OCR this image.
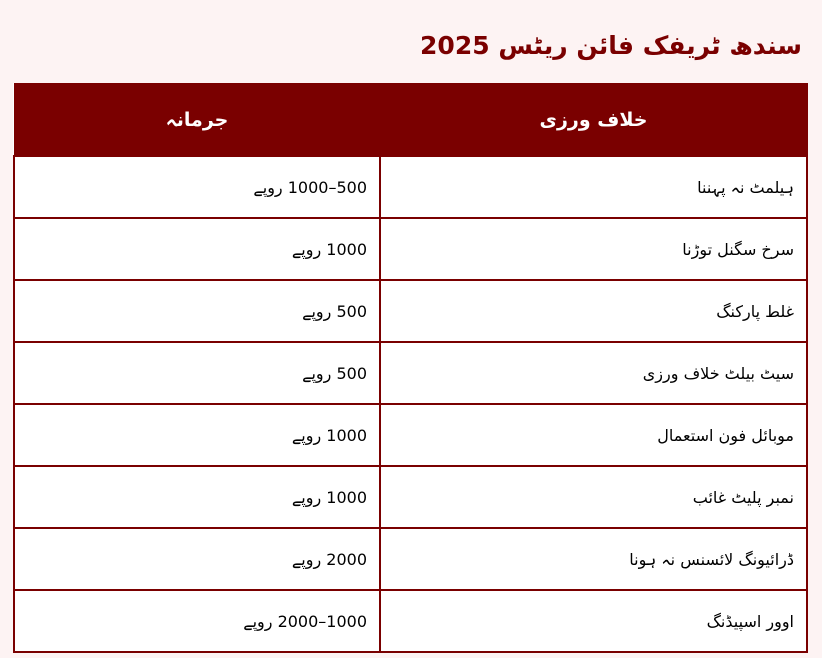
سندھ ٹریفک فائن ریٹس 2025
خلاف ورزی	جرمانہ
ہیلمٹ نہ پہننا	500–1000 روپے
سرخ سگنل توڑنا	1000 روپے
غلط پارکنگ	500 روپے
سیٹ بیلٹ خلاف ورزی	500 روپے
موبائل فون استعمال	1000 روپے
نمبر پلیٹ غائب	1000 روپے
ڈرائیونگ لائسنس نہ ہونا	2000 روپے
اوور اسپیڈنگ	1000–2000 روپے
